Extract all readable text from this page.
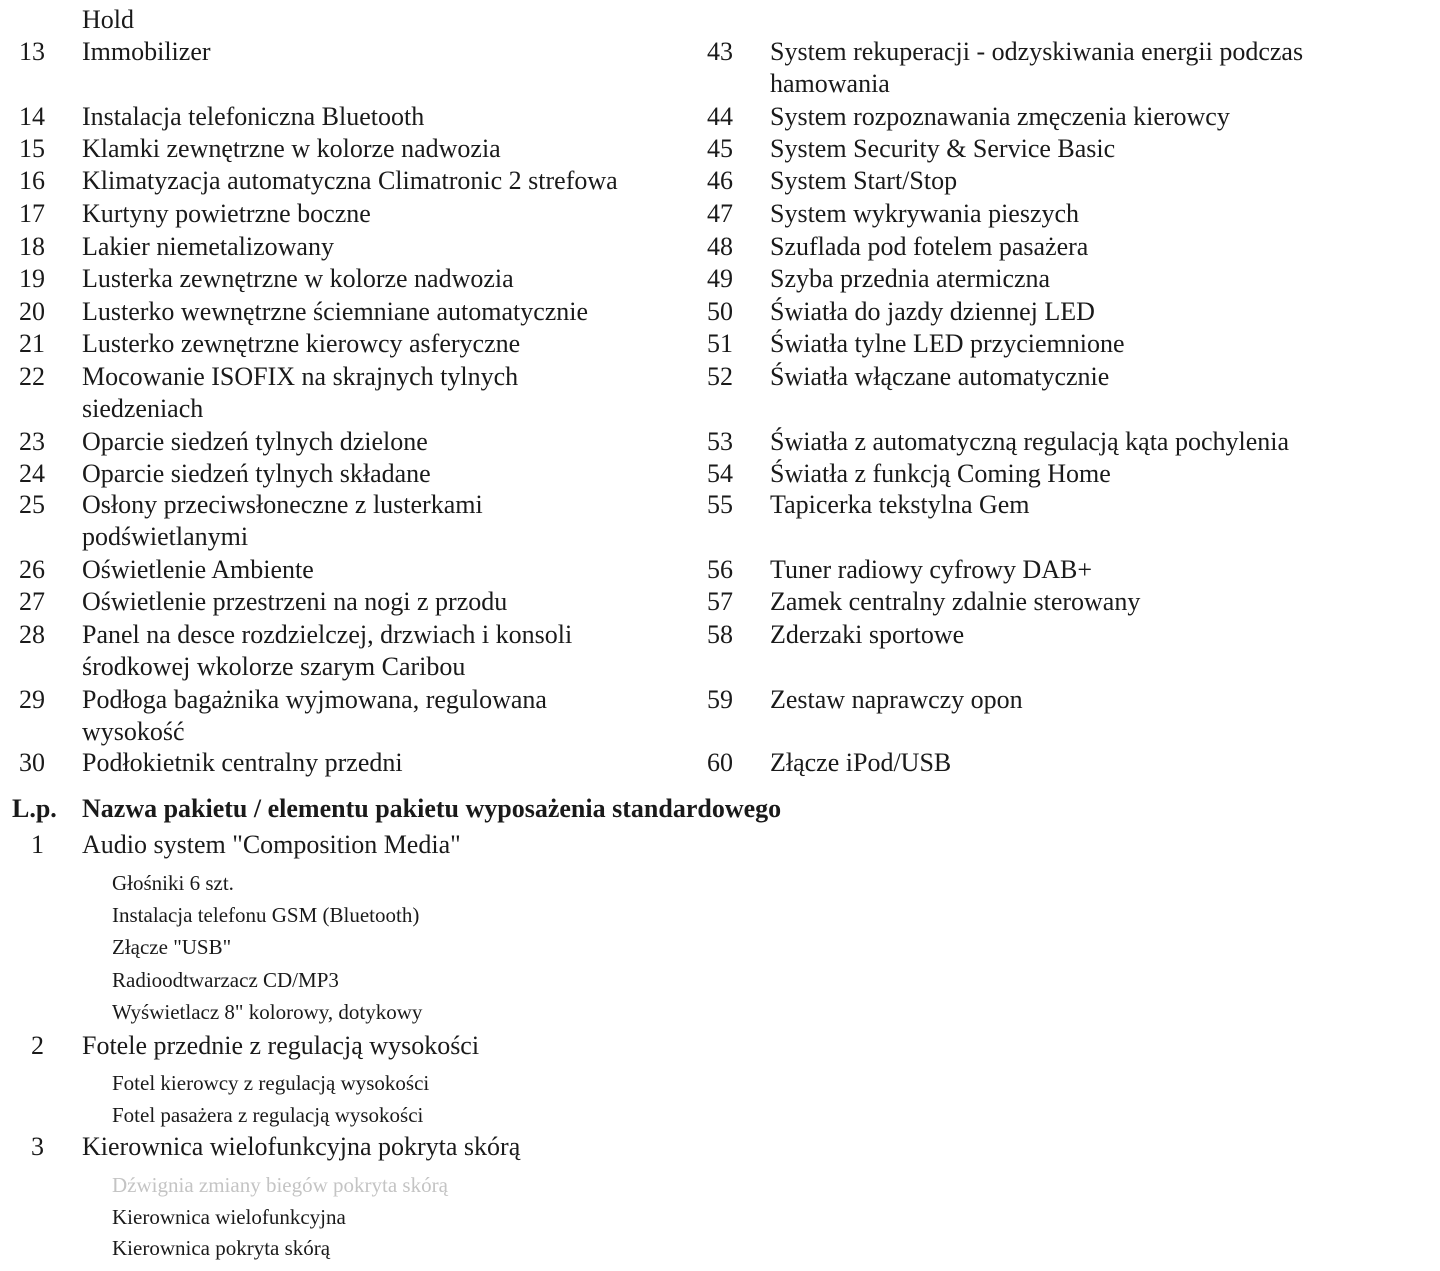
Hold
13 Immobilizer
14 Instalacja telefoniczna Bluetooth
15 Klamki zewnętrzne w kolorze nadwozia
16 Klimatyzacja automatyczna Climatronic 2 strefowa
17 Kurtyny powietrzne boczne
18 Lakier niemetalizowany
19 Lusterka zewnętrzne w kolorze nadwozia
20 Lusterko wewnętrzne ściemniane automatycznie
21 Lusterko zewnętrzne kierowcy asferyczne
22 Mocowanie ISOFIX na skrajnych tylnych
siedzeniach
23 Oparcie siedzeń tylnych dzielone
24 Oparcie siedzeń tylnych składane
25 Osłony przeciwsłoneczne z lusterkami
podświetlanymi
26 Oświetlenie Ambiente
27 Oświetlenie przestrzeni na nogi z przodu
28 Panel na desce rozdzielczej, drzwiach i konsoli
środkowej wkolorze szarym Caribou
29 Podłoga bagażnika wyjmowana, regulowana
wysokość
30 Podłokietnik centralny przedni
43 System rekuperacji - odzyskiwania energii podczas
hamowania
44 System rozpoznawania zmęczenia kierowcy
45 System Security & Service Basic
46 System Start/Stop
47 System wykrywania pieszych
48 Szuflada pod fotelem pasażera
49 Szyba przednia atermiczna
50 Światła do jazdy dziennej LED
51 Światła tylne LED przyciemnione
52 Światła włączane automatycznie
53 Światła z automatyczną regulacją kąta pochylenia
54 Światła z funkcją Coming Home
55 Tapicerka tekstylna Gem
56 Tuner radiowy cyfrowy DAB+
57 Zamek centralny zdalnie sterowany
58 Zderzaki sportowe
59 Zestaw naprawczy opon
60 Złącze iPod/USB
L.p. Nazwa pakietu / elementu pakietu wyposażenia standardowego
1 Audio system "Composition Media"
Głośniki 6 szt.
Instalacja telefonu GSM (Bluetooth)
Złącze "USB"
Radioodtwarzacz CD/MP3
Wyświetlacz 8" kolorowy, dotykowy
2 Fotele przednie z regulacją wysokości
Fotel kierowcy z regulacją wysokości
Fotel pasażera z regulacją wysokości
3 Kierownica wielofunkcyjna pokryta skórą
Dźwignia zmiany biegów pokryta skórą
Kierownica wielofunkcyjna
Kierownica pokryta skórą
